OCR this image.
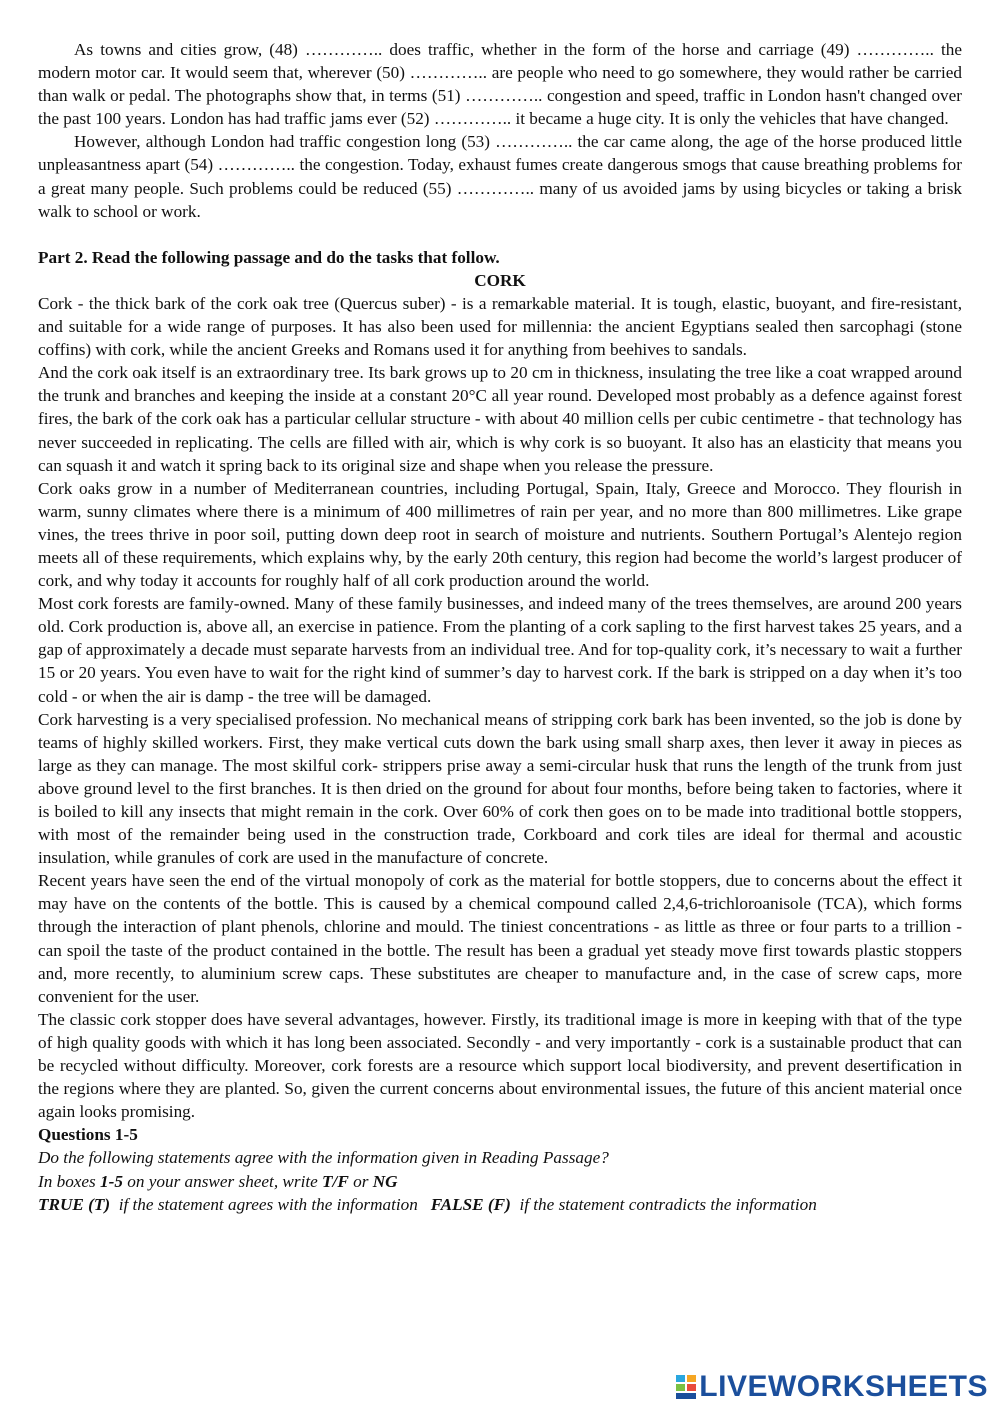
As towns and cities grow, (48) ………….. does traffic, whether in the form of the horse and carriage (49) ………….. the modern motor car. It would seem that, wherever (50) ………….. are people who need to go somewhere, they would rather be carried than walk or pedal. The photographs show that, in terms (51) ………….. congestion and speed, traffic in London hasn't changed over the past 100 years. London has had traffic jams ever (52) ………….. it became a huge city. It is only the vehicles that have changed.

However, although London had traffic congestion long (53) ………….. the car came along, the age of the horse produced little unpleasantness apart (54) ………….. the congestion. Today, exhaust fumes create dangerous smogs that cause breathing problems for a great many people. Such problems could be reduced (55) ………….. many of us avoided jams by using bicycles or taking a brisk walk to school or work.

Part 2. Read the following passage and do the tasks that follow.

CORK

Cork - the thick bark of the cork oak tree (Quercus suber) - is a remarkable material. It is tough, elastic, buoyant, and fire-resistant, and suitable for a wide range of purposes. It has also been used for millennia: the ancient Egyptians sealed then sarcophagi (stone coffins) with cork, while the ancient Greeks and Romans used it for anything from beehives to sandals.

And the cork oak itself is an extraordinary tree. Its bark grows up to 20 cm in thickness, insulating the tree like a coat wrapped around the trunk and branches and keeping the inside at a constant 20°C all year round. Developed most probably as a defence against forest fires, the bark of the cork oak has a particular cellular structure - with about 40 million cells per cubic centimetre - that technology has never succeeded in replicating. The cells are filled with air, which is why cork is so buoyant. It also has an elasticity that means you can squash it and watch it spring back to its original size and shape when you release the pressure.

Cork oaks grow in a number of Mediterranean countries, including Portugal, Spain, Italy, Greece and Morocco. They flourish in warm, sunny climates where there is a minimum of 400 millimetres of rain per year, and no more than 800 millimetres. Like grape vines, the trees thrive in poor soil, putting down deep root in search of moisture and nutrients. Southern Portugal’s Alentejo region meets all of these requirements, which explains why, by the early 20th century, this region had become the world’s largest producer of cork, and why today it accounts for roughly half of all cork production around the world.

Most cork forests are family-owned. Many of these family businesses, and indeed many of the trees themselves, are around 200 years old. Cork production is, above all, an exercise in patience. From the planting of a cork sapling to the first harvest takes 25 years, and a gap of approximately a decade must separate harvests from an individual tree. And for top-quality cork, it’s necessary to wait a further 15 or 20 years. You even have to wait for the right kind of summer’s day to harvest cork. If the bark is stripped on a day when it’s too cold - or when the air is damp - the tree will be damaged.

Cork harvesting is a very specialised profession. No mechanical means of stripping cork bark has been invented, so the job is done by teams of highly skilled workers. First, they make vertical cuts down the bark using small sharp axes, then lever it away in pieces as large as they can manage. The most skilful cork- strippers prise away a semi-circular husk that runs the length of the trunk from just above ground level to the first branches. It is then dried on the ground for about four months, before being taken to factories, where it is boiled to kill any insects that might remain in the cork. Over 60% of cork then goes on to be made into traditional bottle stoppers, with most of the remainder being used in the construction trade, Corkboard and cork tiles are ideal for thermal and acoustic insulation, while granules of cork are used in the manufacture of concrete.

Recent years have seen the end of the virtual monopoly of cork as the material for bottle stoppers, due to concerns about the effect it may have on the contents of the bottle. This is caused by a chemical compound called 2,4,6-trichloroanisole (TCA), which forms through the interaction of plant phenols, chlorine and mould. The tiniest concentrations - as little as three or four parts to a trillion - can spoil the taste of the product contained in the bottle. The result has been a gradual yet steady move first towards plastic stoppers and, more recently, to aluminium screw caps. These substitutes are cheaper to manufacture and, in the case of screw caps, more convenient for the user.

The classic cork stopper does have several advantages, however. Firstly, its traditional image is more in keeping with that of the type of high quality goods with which it has long been associated. Secondly - and very importantly - cork is a sustainable product that can be recycled without difficulty. Moreover, cork forests are a resource which support local biodiversity, and prevent desertification in the regions where they are planted. So, given the current concerns about environmental issues, the future of this ancient material once again looks promising.

Questions 1-5

Do the following statements agree with the information given in Reading Passage?

In boxes 1-5 on your answer sheet, write T/F or NG

TRUE (T)  if the statement agrees with the information   FALSE (F)  if the statement contradicts the information

LIVEWORKSHEETS
